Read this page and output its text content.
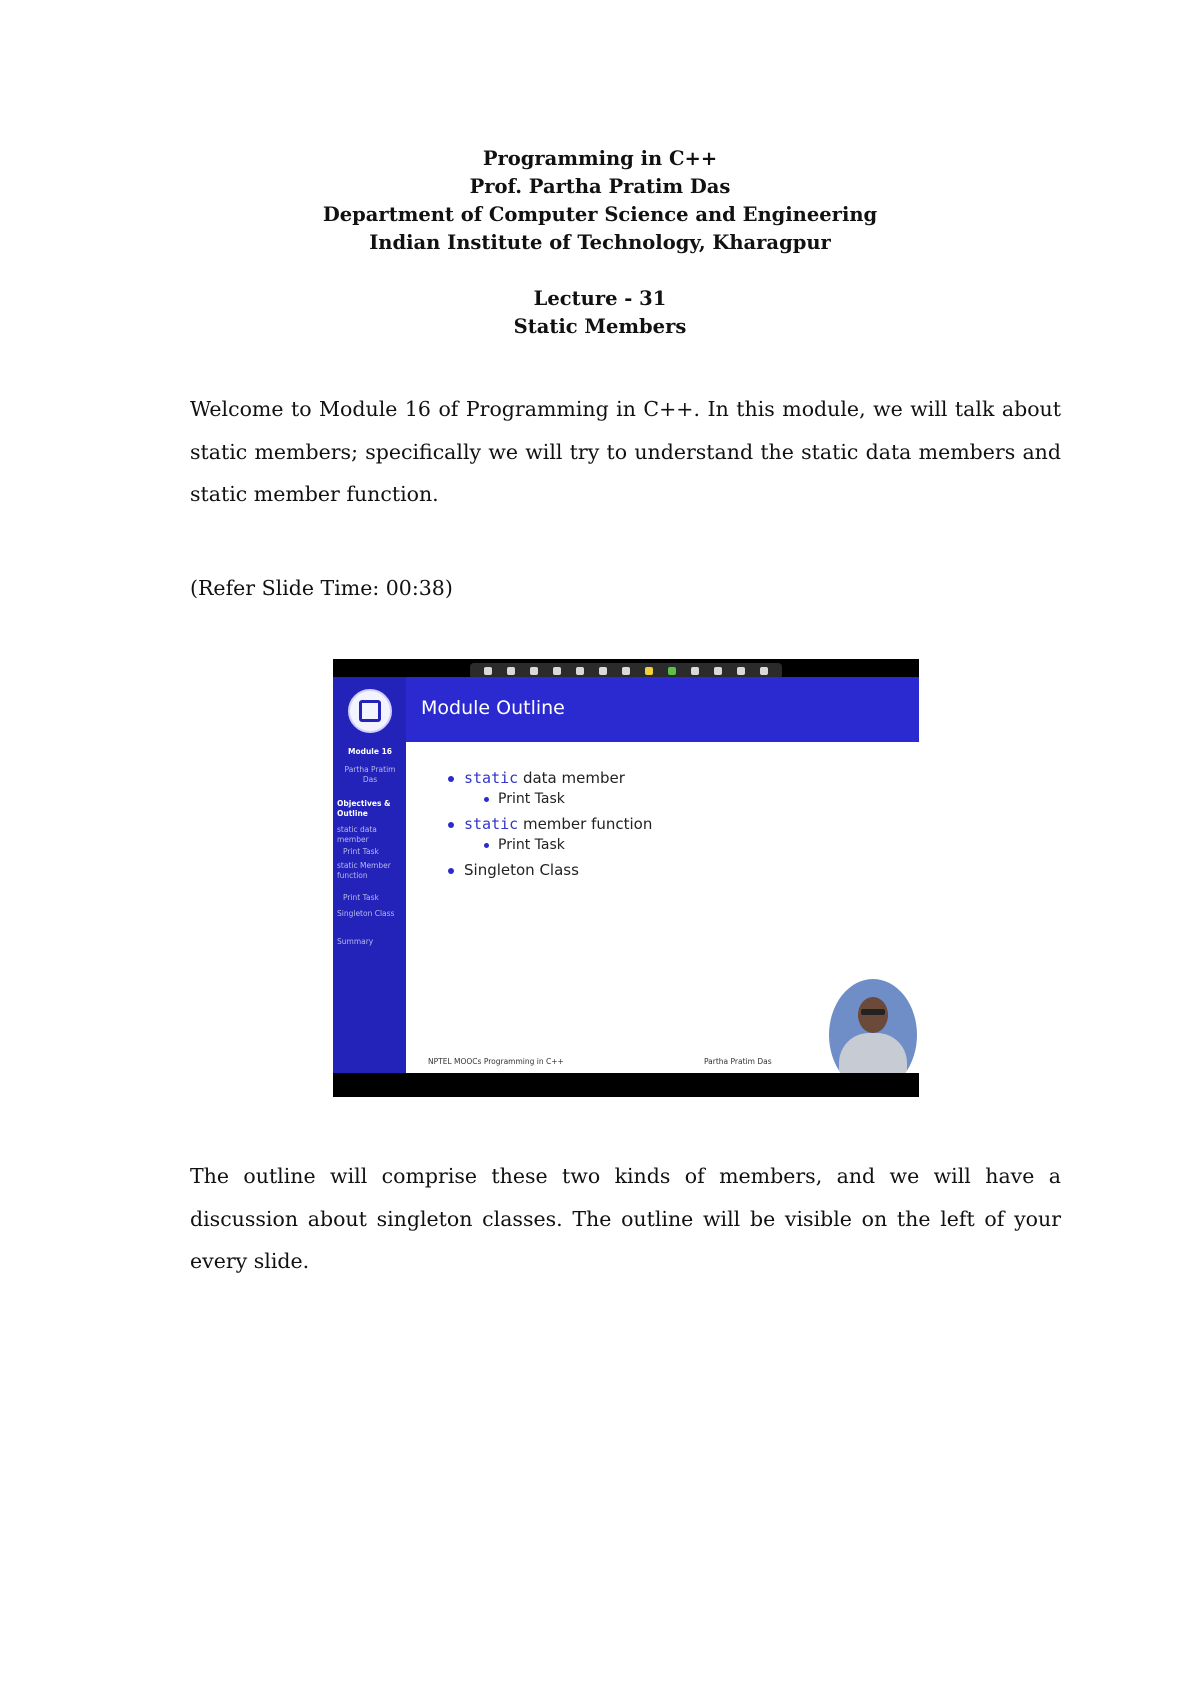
Programming in C++
Prof. Partha Pratim Das
Department of Computer Science and Engineering
Indian Institute of Technology, Kharagpur
Lecture - 31
Static Members
Welcome to Module 16 of Programming in C++. In this module, we will talk about static members; specifically we will try to understand the static data members and static member function.
(Refer Slide Time: 00:38)
Module 16
Partha Pratim Das
Objectives & Outline
static data member
Print Task
static Member function
Print Task
Singleton Class
Summary
Module Outline
static data member
Print Task
static member function
Print Task
Singleton Class
NPTEL MOOCs Programming in C++	Partha Pratim Das
The outline will comprise these two kinds of members, and we will have a discussion about singleton classes. The outline will be visible on the left of your every slide.
